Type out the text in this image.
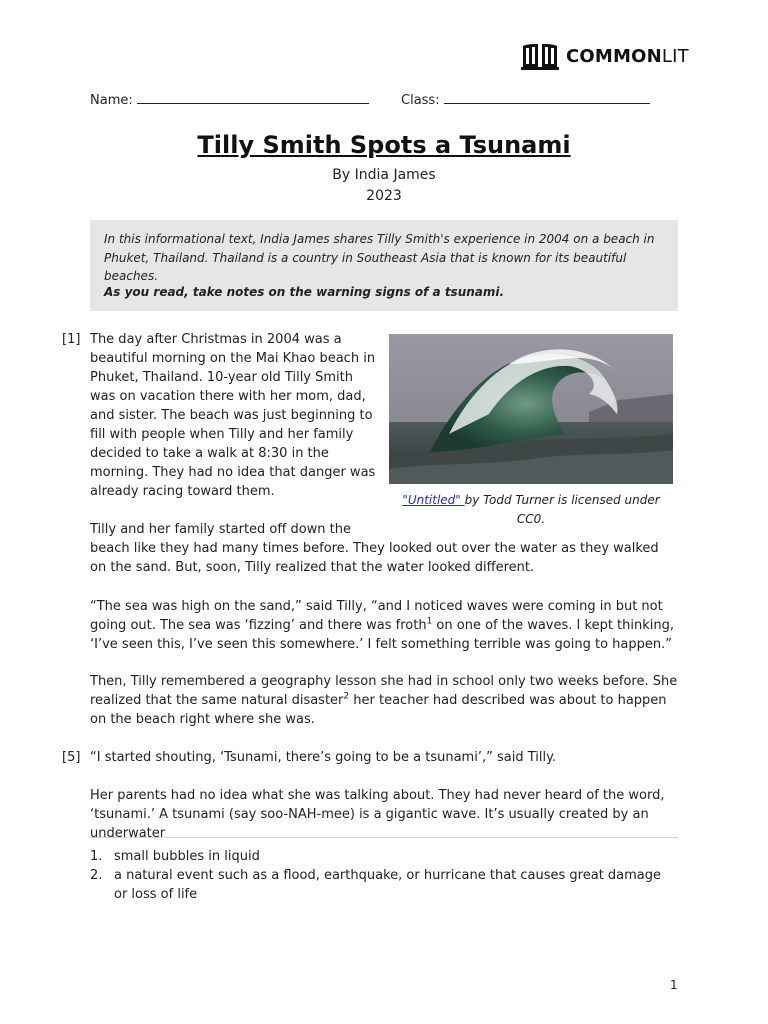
COMMONLIT
Name:	Class:
Tilly Smith Spots a Tsunami
By India James
2023

In this informational text, India James shares Tilly Smith's experience in 2004 on a beach in Phuket, Thailand. Thailand is a country in Southeast Asia that is known for its beautiful beaches.

As you read, take notes on the warning signs of a tsunami.

[1] The day after Christmas in 2004 was a beautiful morning on the Mai Khao beach in Phuket, Thailand. 10-year old Tilly Smith was on vacation there with her mom, dad, and sister. The beach was just beginning to fill with people when Tilly and her family decided to take a walk at 8:30 in the morning. They had no idea that danger was already racing toward them.

"Untitled" by Todd Turner is licensed under CC0.

Tilly and her family started off down the

beach like they had many times before. They looked out over the water as they walked on the sand. But, soon, Tilly realized that the water looked different.

“The sea was high on the sand,” said Tilly, “and I noticed waves were coming in but not going out. The sea was ‘fizzing’ and there was froth$^1$ on one of the waves. I kept thinking, ‘I’ve seen this, I’ve seen this somewhere.’ I felt something terrible was going to happen.”

Then, Tilly remembered a geography lesson she had in school only two weeks before. She realized that the same natural disaster$^2$ her teacher had described was about to happen on the beach right where she was.

[5] “I started shouting, ‘Tsunami, there’s going to be a tsunami’,” said Tilly.

Her parents had no idea what she was talking about. They had never heard of the word, ‘tsunami.’ A tsunami (say soo-NAH-mee) is a gigantic wave. It’s usually created by an underwater

1. small bubbles in liquid
2. a natural event such as a flood, earthquake, or hurricane that causes great damage or loss of life
1
